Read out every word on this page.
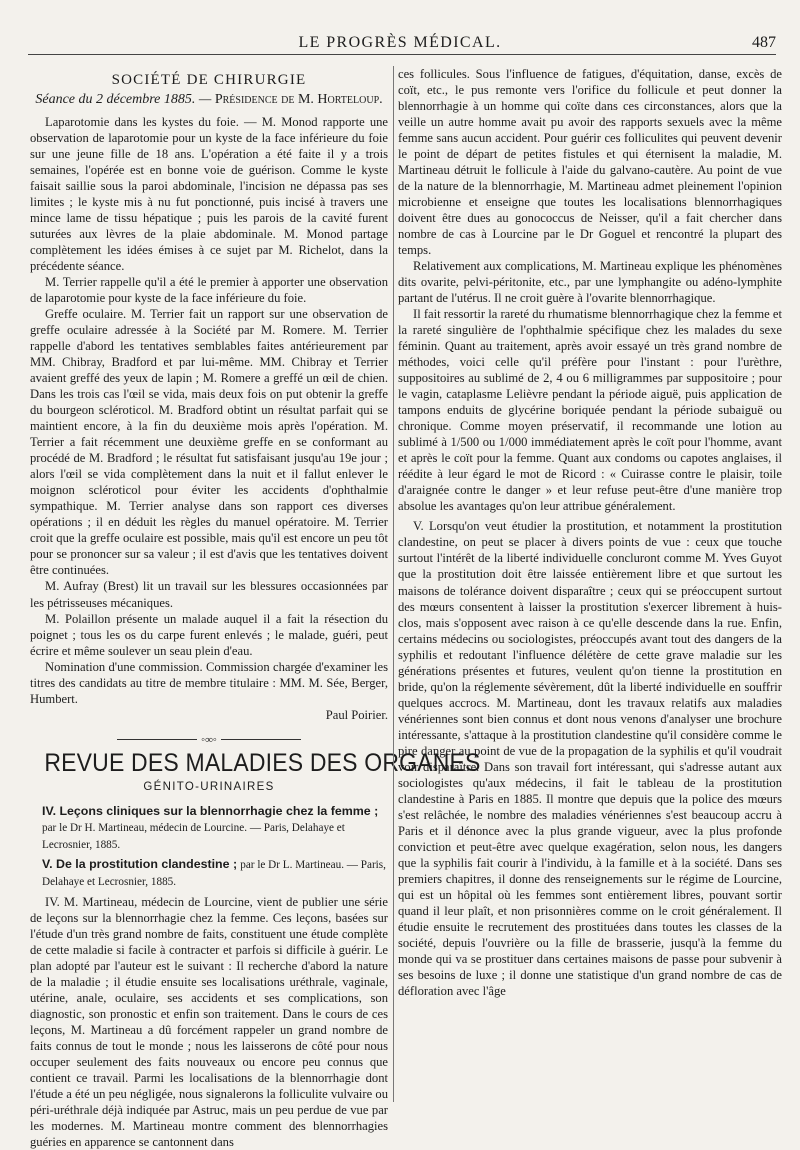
LE PROGRÈS MÉDICAL.	487

SOCIÉTÉ DE CHIRURGIE

Séance du 2 décembre 1885. — Présidence de M. Horteloup.

Laparotomie dans les kystes du foie. — M. Monod rapporte une observation de laparotomie pour un kyste de la face inférieure du foie sur une jeune fille de 18 ans. L'opération a été faite il y a trois semaines, l'opérée est en bonne voie de guérison. Comme le kyste faisait saillie sous la paroi abdominale, l'incision ne dépassa pas ses limites ; le kyste mis à nu fut ponctionné, puis incisé à travers une mince lame de tissu hépatique ; puis les parois de la cavité furent suturées aux lèvres de la plaie abdominale. M. Monod partage complètement les idées émises à ce sujet par M. Richelot, dans la précédente séance.

M. Terrier rappelle qu'il a été le premier à apporter une observation de laparotomie pour kyste de la face inférieure du foie.

Greffe oculaire. M. Terrier fait un rapport sur une observation de greffe oculaire adressée à la Société par M. Romere. M. Terrier rappelle d'abord les tentatives semblables faites antérieurement par MM. Chibray, Bradford et par lui-même. MM. Chibray et Terrier avaient greffé des yeux de lapin ; M. Romere a greffé un œil de chien. Dans les trois cas l'œil se vida, mais deux fois on put obtenir la greffe du bourgeon scléroticol. M. Bradford obtint un résultat parfait qui se maintient encore, à la fin du deuxième mois après l'opération. M. Terrier a fait récemment une deuxième greffe en se conformant au procédé de M. Bradford ; le résultat fut satisfaisant jusqu'au 19e jour ; alors l'œil se vida complètement dans la nuit et il fallut enlever le moignon scléroticol pour éviter les accidents d'ophthalmie sympathique. M. Terrier analyse dans son rapport ces diverses opérations ; il en déduit les règles du manuel opératoire. M. Terrier croit que la greffe oculaire est possible, mais qu'il est encore un peu tôt pour se prononcer sur sa valeur ; il est d'avis que les tentatives doivent être continuées.

M. Aufray (Brest) lit un travail sur les blessures occasionnées par les pétrisseuses mécaniques.

M. Polaillon présente un malade auquel il a fait la résection du poignet ; tous les os du carpe furent enlevés ; le malade, guéri, peut écrire et même soulever un seau plein d'eau.

Nomination d'une commission. Commission chargée d'examiner les titres des candidats au titre de membre titulaire : MM. M. Sée, Berger, Humbert.

Paul Poirier.

◦∞◦
REVUE DES MALADIES DES ORGANES
GÉNITO-URINAIRES

IV. Leçons cliniques sur la blennorrhagie chez la femme ; par le Dr H. Martineau, médecin de Lourcine. — Paris, Delahaye et Lecrosnier, 1885.

V. De la prostitution clandestine ; par le Dr L. Martineau. — Paris, Delahaye et Lecrosnier, 1885.

IV. M. Martineau, médecin de Lourcine, vient de publier une série de leçons sur la blennorrhagie chez la femme. Ces leçons, basées sur l'étude d'un très grand nombre de faits, constituent une étude complète de cette maladie si facile à contracter et parfois si difficile à guérir. Le plan adopté par l'auteur est le suivant : Il recherche d'abord la nature de la maladie ; il étudie ensuite ses localisations uréthrale, vaginale, utérine, anale, oculaire, ses accidents et ses complications, son diagnostic, son pronostic et enfin son traitement. Dans le cours de ces leçons, M. Martineau a dû forcément rappeler un grand nombre de faits connus de tout le monde ; nous les laisserons de côté pour nous occuper seulement des faits nouveaux ou encore peu connus que contient ce travail. Parmi les localisations de la blennorrhagie dont l'étude a été un peu négligée, nous signalerons la folliculite vulvaire ou péri-uréthrale déjà indiquée par Astruc, mais un peu perdue de vue par les modernes. M. Martineau montre comment des blennorrhagies guéries en apparence se cantonnent dans

ces follicules. Sous l'influence de fatigues, d'équitation, danse, excès de coït, etc., le pus remonte vers l'orifice du follicule et peut donner la blennorrhagie à un homme qui coïte dans ces circonstances, alors que la veille un autre homme avait pu avoir des rapports sexuels avec la même femme sans aucun accident. Pour guérir ces folliculites qui peuvent devenir le point de départ de petites fistules et qui éternisent la maladie, M. Martineau détruit le follicule à l'aide du galvano-cautère. Au point de vue de la nature de la blennorrhagie, M. Martineau admet pleinement l'opinion microbienne et enseigne que toutes les localisations blennorrhagiques doivent être dues au gonococcus de Neisser, qu'il a fait chercher dans nombre de cas à Lourcine par le Dr Goguel et rencontré la plupart des temps.

Relativement aux complications, M. Martineau explique les phénomènes dits ovarite, pelvi-péritonite, etc., par une lymphangite ou adéno-lymphite partant de l'utérus. Il ne croit guère à l'ovarite blennorrhagique.

Il fait ressortir la rareté du rhumatisme blennorrhagique chez la femme et la rareté singulière de l'ophthalmie spécifique chez les malades du sexe féminin. Quant au traitement, après avoir essayé un très grand nombre de méthodes, voici celle qu'il préfère pour l'instant : pour l'urèthre, suppositoires au sublimé de 2, 4 ou 6 milligrammes par suppositoire ; pour le vagin, cataplasme Lelièvre pendant la période aiguë, puis application de tampons enduits de glycérine boriquée pendant la période subaiguë ou chronique. Comme moyen préservatif, il recommande une lotion au sublimé à 1/500 ou 1/000 immédiatement après le coït pour l'homme, avant et après le coït pour la femme. Quant aux condoms ou capotes anglaises, il réédite à leur égard le mot de Ricord : « Cuirasse contre le plaisir, toile d'araignée contre le danger » et leur refuse peut-être d'une manière trop absolue les avantages qu'on leur attribue généralement.

V. Lorsqu'on veut étudier la prostitution, et notamment la prostitution clandestine, on peut se placer à divers points de vue : ceux que touche surtout l'intérêt de la liberté individuelle concluront comme M. Yves Guyot que la prostitution doit être laissée entièrement libre et que surtout les maisons de tolérance doivent disparaître ; ceux qui se préoccupent surtout des mœurs consentent à laisser la prostitution s'exercer librement à huis-clos, mais s'opposent avec raison à ce qu'elle descende dans la rue. Enfin, certains médecins ou sociologistes, préoccupés avant tout des dangers de la syphilis et redoutant l'influence délétère de cette grave maladie sur les générations présentes et futures, veulent qu'on tienne la prostitution en bride, qu'on la réglemente sévèrement, dût la liberté individuelle en souffrir quelques accrocs. M. Martineau, dont les travaux relatifs aux maladies vénériennes sont bien connus et dont nous venons d'analyser une brochure intéressante, s'attaque à la prostitution clandestine qu'il considère comme le pire danger au point de vue de la propagation de la syphilis et qu'il voudrait voir disparaître. Dans son travail fort intéressant, qui s'adresse autant aux sociologistes qu'aux médecins, il fait le tableau de la prostitution clandestine à Paris en 1885. Il montre que depuis que la police des mœurs s'est relâchée, le nombre des maladies vénériennes s'est beaucoup accru à Paris et il dénonce avec la plus grande vigueur, avec la plus profonde conviction et peut-être avec quelque exagération, selon nous, les dangers que la syphilis fait courir à l'individu, à la famille et à la société. Dans ses premiers chapitres, il donne des renseignements sur le régime de Lourcine, qui est un hôpital où les femmes sont entièrement libres, pouvant sortir quand il leur plaît, et non prisonnières comme on le croit généralement. Il étudie ensuite le recrutement des prostituées dans toutes les classes de la société, depuis l'ouvrière ou la fille de brasserie, jusqu'à la femme du monde qui va se prostituer dans certaines maisons de passe pour subvenir à ses besoins de luxe ; il donne une statistique d'un grand nombre de cas de défloration avec l'âge
